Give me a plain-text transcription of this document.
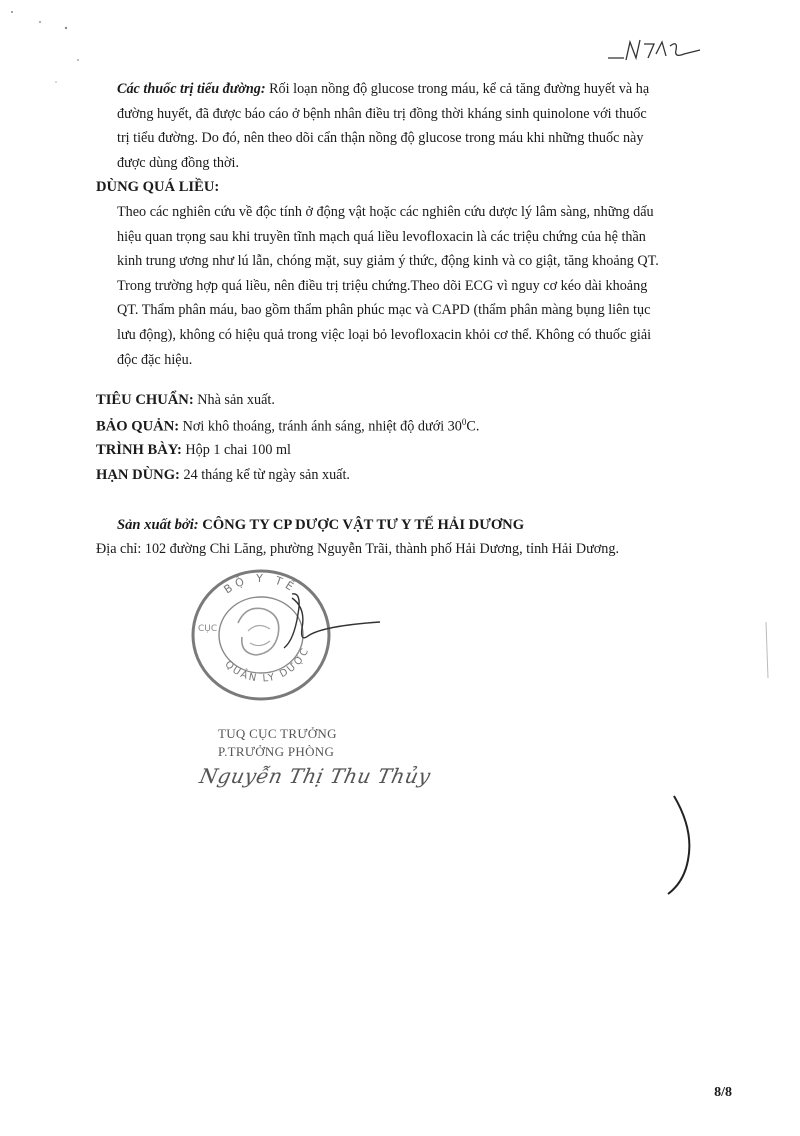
Các thuốc trị tiểu đường: Rối loạn nồng độ glucose trong máu, kể cả tăng đường huyết và hạ
đường huyết, đã được báo cáo ở bệnh nhân điều trị đồng thời kháng sinh quinolone với thuốc
trị tiểu đường. Do đó, nên theo dõi cẩn thận nồng độ glucose trong máu khi những thuốc này
được dùng đồng thời.

DÙNG QUÁ LIỀU:

Theo các nghiên cứu về độc tính ở động vật hoặc các nghiên cứu dược lý lâm sàng, những dấu
hiệu quan trọng sau khi truyền tĩnh mạch quá liều levofloxacin là các triệu chứng của hệ thần
kinh trung ương như lú lẫn, chóng mặt, suy giảm ý thức, động kinh và co giật, tăng khoảng QT.
Trong trường hợp quá liều, nên điều trị triệu chứng.Theo dõi ECG vì nguy cơ kéo dài khoảng
QT. Thẩm phân máu, bao gồm thẩm phân phúc mạc và CAPD (thẩm phân màng bụng liên tục
lưu động), không có hiệu quả trong việc loại bỏ levofloxacin khỏi cơ thể. Không có thuốc giải
độc đặc hiệu.

TIÊU CHUẨN: Nhà sản xuất.

BẢO QUẢN: Nơi khô thoáng, tránh ánh sáng, nhiệt độ dưới $30^0C$.

TRÌNH BÀY: Hộp 1 chai 100 ml

HẠN DÙNG: 24 tháng kể từ ngày sản xuất.

Sản xuất bởi: CÔNG TY CP DƯỢC VẬT TƯ Y TẾ HẢI DƯƠNG

Địa chỉ: 102 đường Chi Lăng, phường Nguyễn Trãi, thành phố Hải Dương, tỉnh Hải Dương.

BỘ Y TẾ
CỤC
QUẢN LÝ DƯỢC
TUQ CỤC TRƯỞNG
P.TRƯỞNG PHÒNG
Nguyễn Thị Thu Thủy
8/8
